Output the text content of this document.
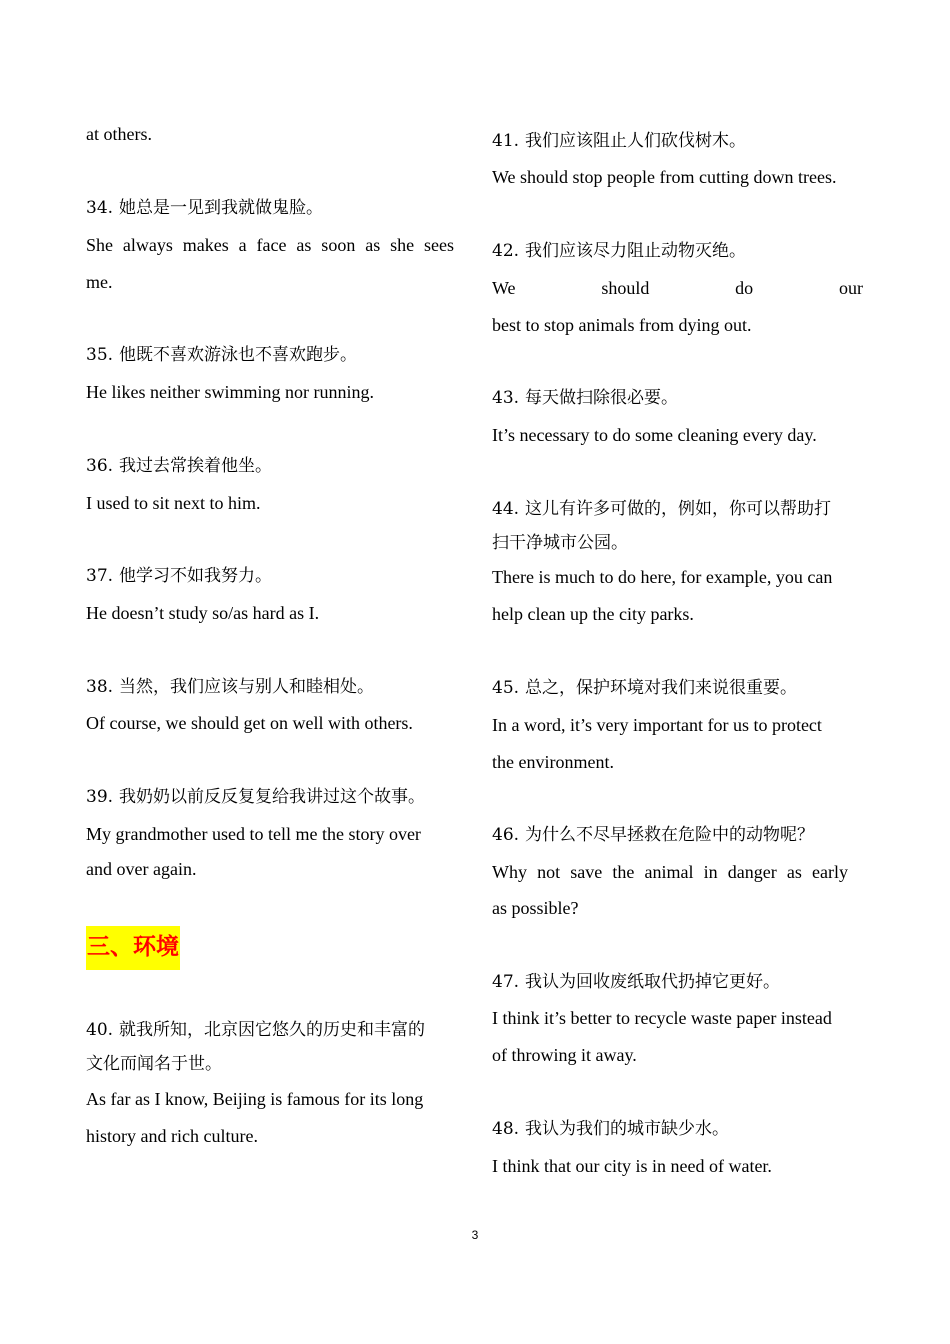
at others.
34. 她总是一见到我就做鬼脸。
She always makes a face as soon as she sees
me.
35. 他既不喜欢游泳也不喜欢跑步。
He likes neither swimming nor running.
36. 我过去常挨着他坐。
I used to sit next to him.
37. 他学习不如我努力。
He doesn’t study so/as hard as I.
38. 当然，我们应该与别人和睦相处。
Of course, we should get on well with others.
39. 我奶奶以前反反复复给我讲过这个故事。
My grandmother used to tell me the story over
and over again.
三、环境
40. 就我所知，北京因它悠久的历史和丰富的
文化而闻名于世。
As far as I know, Beijing is famous for its long
history and rich culture.
41. 我们应该阻止人们砍伐树木。
We should stop people from cutting down trees.
42. 我们应该尽力阻止动物灭绝。
We should do our
best to stop animals from dying out.
43. 每天做扫除很必要。
It’s necessary to do some cleaning every day.
44. 这儿有许多可做的，例如，你可以帮助打
扫干净城市公园。
There is much to do here, for example, you can
help clean up the city parks.
45. 总之，保护环境对我们来说很重要。
In a word, it’s very important for us to protect
the environment.
46. 为什么不尽早拯救在危险中的动物呢？
Why not save the animal in danger as early
as possible?
47. 我认为回收废纸取代扔掉它更好。
I think it’s better to recycle waste paper instead
of throwing it away.
48. 我认为我们的城市缺少水。
I think that our city is in need of water.
3
